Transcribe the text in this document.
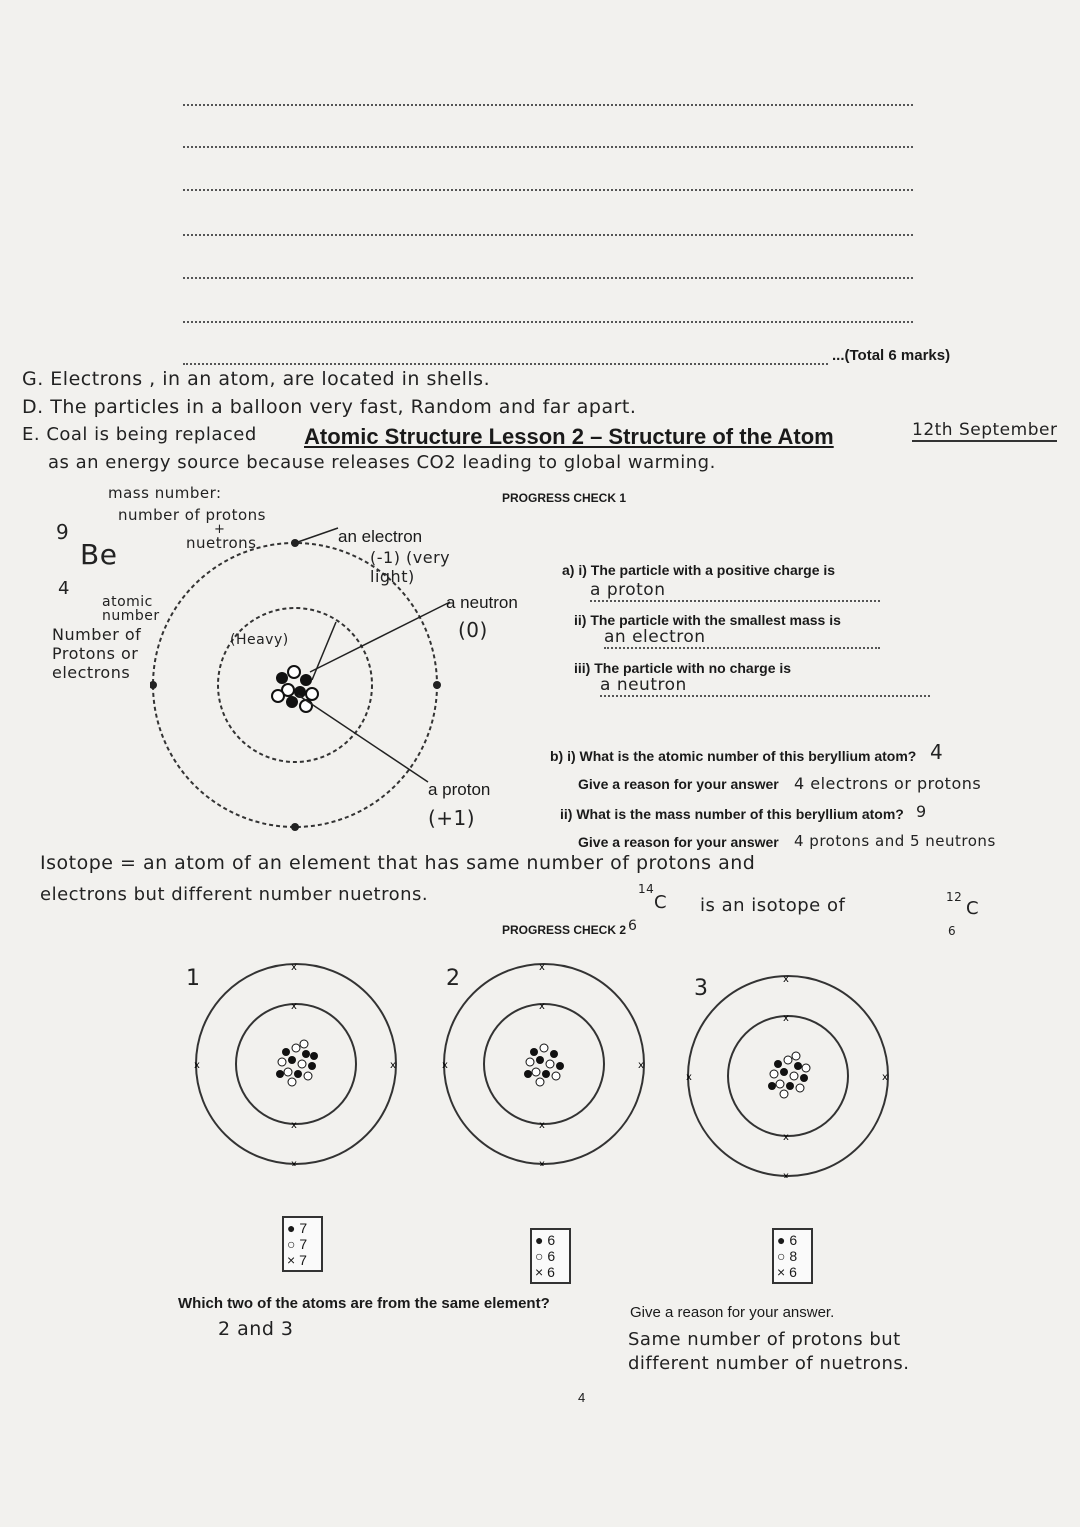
...(Total 6 marks)
G. Electrons , in an atom, are located in shells.
D. The particles in a balloon very fast, Random and far apart.
E. Coal is being replaced Atomic Structure Lesson 2 – Structure of the Atom	12th September
as an energy source because releases CO2 leading to global warming.
PROGRESS CHECK 1
mass number:
number of protons
+
nuetrons
9
Be
4
atomic number
Number of Protons or electrons
(Heavy)
an electron
(-1) (very light)
a neutron
(0)
a proton
(+1)
a) i) The particle with a positive charge is
a proton
ii) The particle with the smallest mass is
an electron
iii) The particle with no charge is
a neutron
b) i) What is the atomic number of this beryllium atom? 4
Give a reason for your answer 4 electrons or protons
ii) What is the mass number of this beryllium atom? 9
Give a reason for your answer 4 protons and 5 neutrons
Isotope = an atom of an element that has same number of protons and
electrons but different number nuetrons.	14
C is an isotope of	12
C
6
PROGRESS CHECK 2 6
1	x
x
x	x
x
x
● 7
○ 7
× 7
2	x
x
x	x
x
x
● 6
○ 6
× 6
3	x
x
x	x
x
x
● 6
○ 8
× 6
Which two of the atoms are from the same element?
2 and 3
Give a reason for your answer.
Same number of protons but different number of nuetrons.
4
